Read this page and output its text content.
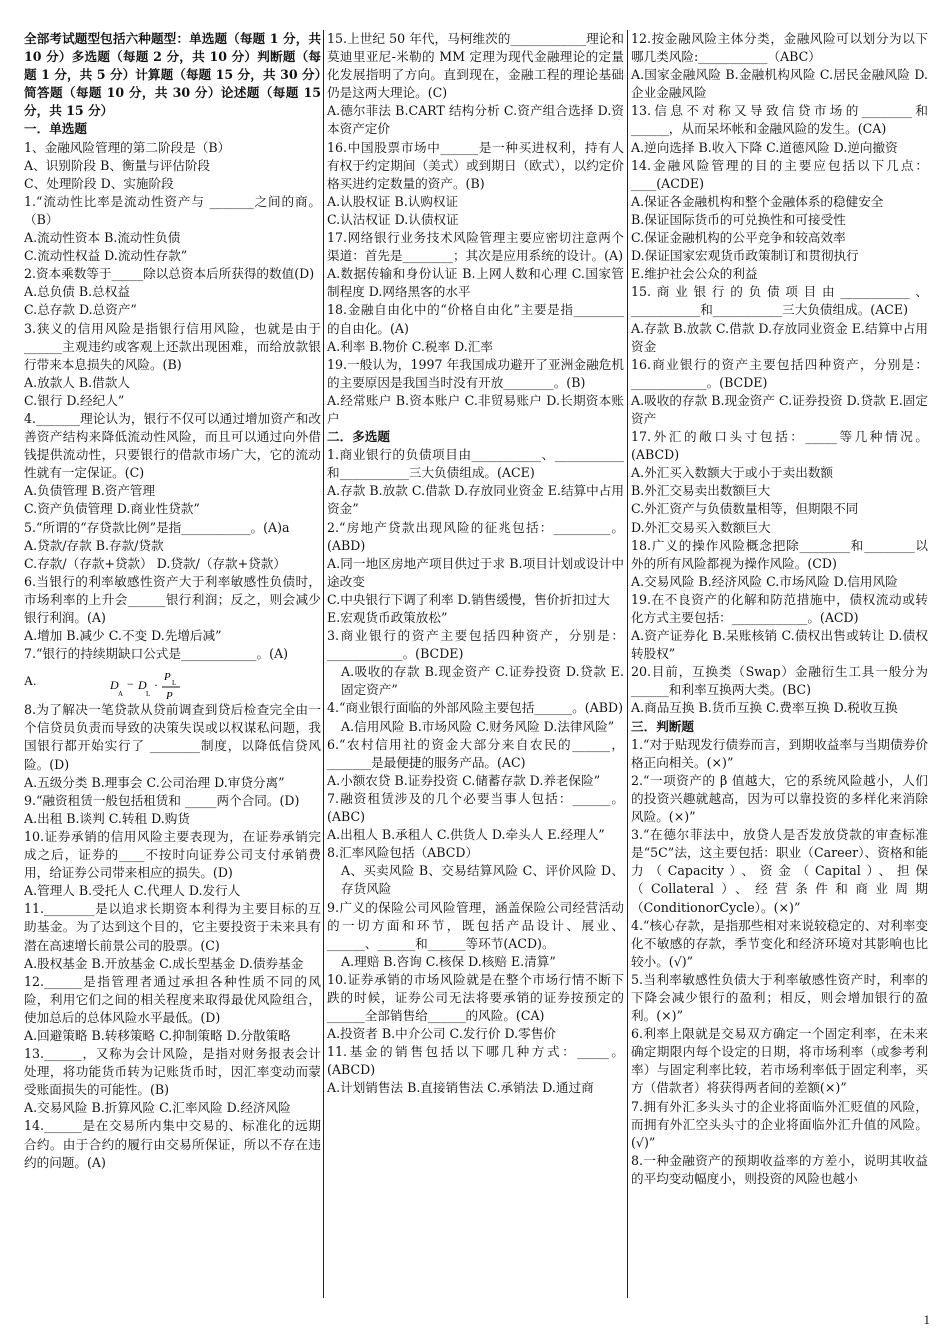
全部考试题型包括六种题型：单选题（每题 1 分，共 10 分）多选题（每题 2 分，共 10 分）判断题（每题 1 分，共 5 分）计算题（每题 15 分，共 30 分）简答题（每题 10 分，共 30 分）论述题（每题 15 分，共 15 分）
一．单选题
1、金融风险管理的第二阶段是（B）
A、识别阶段 B、衡量与评估阶段
C、处理阶段 D、实施阶段
1.“流动性比率是流动性资产与 _______之间的商。（B）
A.流动性资本 B.流动性负债
C.流动性权益 D.流动性存款”
2.资本乘数等于_____除以总资本后所获得的数值(D)
A.总负债 B.总权益
C.总存款 D.总资产”
3.狭义的信用风险是指银行信用风险，也就是由于______主观违约或客观上还款出现困难，而给放款银行带来本息损失的风险。(B)
A.放款人 B.借款人
C.银行 D.经纪人”
4._______理论认为，银行不仅可以通过增加资产和改善资产结构来降低流动性风险，而且可以通过向外借钱提供流动性，只要银行的借款市场广大，它的流动性就有一定保证。(C)
A.负债管理 B.资产管理
C.资产负债管理 D.商业性贷款”
5.“所谓的“存贷款比例”是指___________。(A)a
A.贷款/存款 B.存款/贷款
C.存款/（存款+贷款） D.贷款/（存款+贷款）
6.当银行的利率敏感性资产大于利率敏感性负债时，市场利率的上升会______银行利润；反之，则会减少银行利润。(A)
A.增加 B.减少 C.不变 D.先增后减”
7.“银行的持续期缺口公式是____________。(A)
A.	D
A
− D
L
·
P L
P
8.为了解决一笔贷款从贷前调查到贷后检查完全由一个信贷员负责而导致的决策失误或以权谋私问题，我国银行都开始实行了 ________制度，以降低信贷风险。(D)
A.五级分类 B.理事会 C.公司治理 D.审贷分离”
9.“融资租赁一般包括租赁和 _____两个合同。(D)
A.出租 B.谈判 C.转租 D.购货
10.证券承销的信用风险主要表现为，在证券承销完成之后，证券的____不按时向证券公司支付承销费用，给证券公司带来相应的损失。(D)
A.管理人 B.受托人 C.代理人 D.发行人
11.________是以追求长期资本利得为主要目标的互助基金。为了达到这个目的，它主要投资于未来具有潜在高速增长前景公司的股票。(C)
A.股权基金 B.开放基金 C.成长型基金 D.债券基金
12.______是指管理者通过承担各种性质不同的风险，利用它们之间的相关程度来取得最优风险组合，使加总后的总体风险水平最低。(D)
A.回避策略 B.转移策略 C.抑制策略 D.分散策略
13.______，又称为会计风险，是指对财务报表会计处理，将功能货币转为记账货币时，因汇率变动而蒙受账面损失的可能性。(B)
A.交易风险 B.折算风险 C.汇率风险 D.经济风险
14.______是在交易所内集中交易的、标准化的远期合约。由于合约的履行由交易所保证，所以不存在违约的问题。(A)
15.上世纪 50 年代，马柯维茨的____________理论和莫迪里亚尼-米勒的 MM 定理为现代金融理论的定量化发展指明了方向。直到现在，金融工程的理论基础仍是这两大理论。(C)
A.德尔菲法 B.CART 结构分析 C.资产组合选择 D.资本资产定价
16.中国股票市场中______是一种买进权利，持有人有权于约定期间（美式）或到期日（欧式），以约定价格买进约定数量的资产。(B)
A.认股权证 B.认购权证
C.认沽权证 D.认债权证
17.网络银行业务技术风险管理主要应密切注意两个渠道：首先是________；其次是应用系统的设计。(A)
A.数据传输和身份认证 B.上网人数和心理 C.国家管制程度 D.网络黑客的水平
18.金融自由化中的“价格自由化”主要是指________的自由化。(A)
A.利率 B.物价 C.税率 D.汇率
19.一般认为，1997 年我国成功避开了亚洲金融危机的主要原因是我国当时没有开放________。(B)
A.经常账户 B.资本账户 C.非贸易账户 D.长期资本账户
二．多选题
1.商业银行的负债项目由___________、___________和___________三大负债组成。(ACE)
A.存款 B.放款 C.借款 D.存放同业资金 E.结算中占用资金”
2.“房地产贷款出现风险的征兆包括：_________。(ABD)
A.同一地区房地产项目供过于求 B.项目计划或设计中途改变
C.中央银行下调了利率 D.销售缓慢，售价折扣过大
E.宏观货币政策放松”
3.商业银行的资产主要包括四种资产，分别是：____________。(BCDE)
A.吸收的存款 B.现金资产 C.证券投资 D.贷款 E.固定资产”
4.“商业银行面临的外部风险主要包括______。(ABD)
A.信用风险 B.市场风险 C.财务风险 D.法律风险”
6.“农村信用社的资金大部分来自农民的______，_______是最便捷的服务产品。(AC)
A.小额农贷 B.证券投资 C.储蓄存款 D.养老保险”
7.融资租赁涉及的几个必要当事人包括：______。(ABC)
A.出租人 B.承租人 C.供货人 D.牵头人 E.经理人”
8.汇率风险包括（ABCD）
A、买卖风险 B、交易结算风险 C、评价风险 D、存货风险
9.广义的保险公司风险管理，涵盖保险公司经营活动的一切方面和环节，既包括产品设计、展业、______、______和______等环节(ACD)。
A.理赔 B.咨询 C.核保 D.核赔 E.清算”
10.证券承销的市场风险就是在整个市场行情不断下跌的时候，证券公司无法将要承销的证券按预定的______全部销售给______的风险。(CA)
A.投资者 B.中介公司 C.发行价 D.零售价
11.基金的销售包括以下哪几种方式：_____。(ABCD)
A.计划销售法 B.直接销售法 C.承销法 D.通过商
12.按金融风险主体分类，金融风险可以划分为以下哪几类风险:___________（ABC）
A.国家金融风险 B.金融机构风险 C.居民金融风险 D.企业金融风险
13.信息不对称又导致信贷市场的________和______，从而呆坏帐和金融风险的发生。(CA)
A.逆向选择 B.收入下降 C.道德风险 D.逆向撤资
14.金融风险管理的目的主要应包括以下几点：____(ACDE)
A.保证各金融机构和整个金融体系的稳健安全
B.保证国际货币的可兑换性和可接受性
C.保证金融机构的公平竞争和较高效率
D.保证国家宏观货币政策制订和贯彻执行
E.维护社会公众的利益
15.商业银行的负债项目由___________、___________和___________三大负债组成。(ACE)
A.存款 B.放款 C.借款 D.存放同业资金 E.结算中占用资金
16.商业银行的资产主要包括四种资产，分别是：____________。(BCDE)
A.吸收的存款 B.现金资产 C.证券投资 D.贷款 E.固定资产
17.外汇的敞口头寸包括：_____等几种情况。(ABCD)
A.外汇买入数额大于或小于卖出数额
B.外汇交易卖出数额巨大
C.外汇资产与负债数量相等，但期限不同
D.外汇交易买入数额巨大
18.广义的操作风险概念把除________和________以外的所有风险都视为操作风险。(CD)
A.交易风险 B.经济风险 C.市场风险 D.信用风险
19.在不良资产的化解和防范措施中，债权流动或转化方式主要包括：____________。(ACD)
A.资产证券化 B.呆账核销 C.债权出售或转让 D.债权转股权”
20.目前，互换类（Swap）金融衍生工具一般分为______和利率互换两大类。(BC)
A.商品互换 B.货币互换 C.费率互换 D.税收互换
三．判断题
1.“对于贴现发行债券而言，到期收益率与当期债券价格正向相关。(×)”
2.“一项资产的 β 值越大，它的系统风险越小，人们的投资兴趣就越高，因为可以靠投资的多样化来消除风险。(×)”
3.“在德尔菲法中，放贷人是否发放贷款的审查标准是“5C”法，这主要包括：职业（Career）、资格和能力（Capacity）、资金（Capital）、担保（Collateral）、经营条件和商业周期（ConditionorCycle）。(×)”
4.“核心存款，是指那些相对来说较稳定的、对利率变化不敏感的存款，季节变化和经济环境对其影响也比较小。(√)”
5.当利率敏感性负债大于利率敏感性资产时，利率的下降会减少银行的盈利；相反，则会增加银行的盈利。(×)”
6.利率上限就是交易双方确定一个固定利率，在未来确定期限内每个设定的日期，将市场利率（或参考利率）与固定利率比较，若市场利率低于固定利率，买方（借款者）将获得两者间的差额(×)”
7.拥有外汇多头头寸的企业将面临外汇贬值的风险，而拥有外汇空头头寸的企业将面临外汇升值的风险。(√)”
8.一种金融资产的预期收益率的方差小，说明其收益的平均变动幅度小，则投资的风险也越小
1
